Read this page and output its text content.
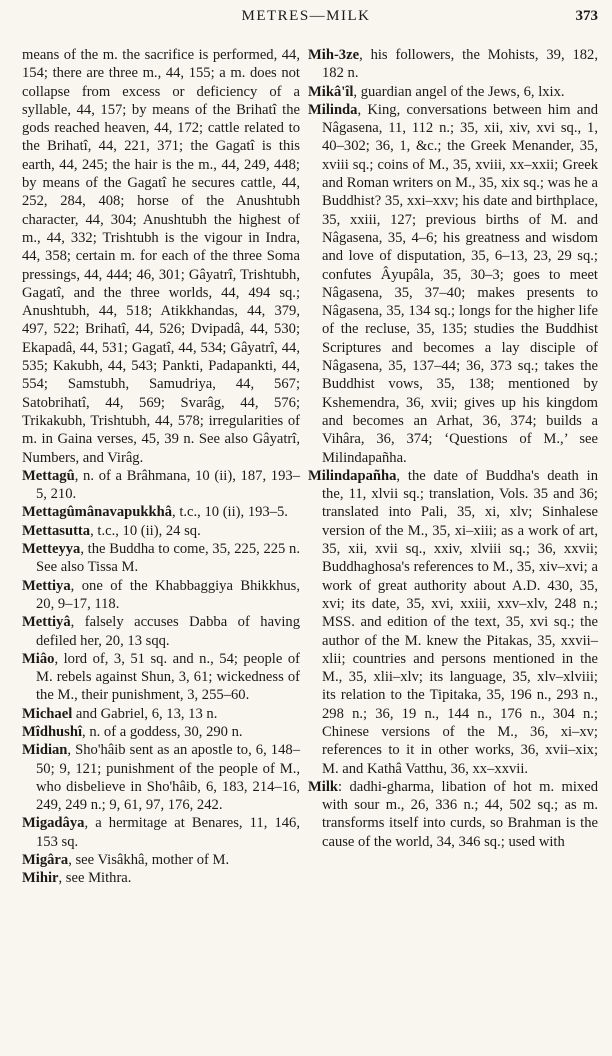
METRES—MILK	373

means of the m. the sacrifice is performed, 44, 154; there are three m., 44, 155; a m. does not collapse from excess or deficiency of a syllable, 44, 157; by means of the Brihatî the gods reached heaven, 44, 172; cattle related to the Brihatî, 44, 221, 371; the Gagatî is this earth, 44, 245; the hair is the m., 44, 249, 448; by means of the Gagatî he secures cattle, 44, 252, 284, 408; horse of the Anushtubh character, 44, 304; Anushtubh the highest of m., 44, 332; Trishtubh is the vigour in Indra, 44, 358; certain m. for each of the three Soma pressings, 44, 444; 46, 301; Gâyatrî, Trishtubh, Gagatî, and the three worlds, 44, 494 sq.; Anushtubh, 44, 518; Atikkhandas, 44, 379, 497, 522; Brihatî, 44, 526; Dvipadâ, 44, 530; Ekapadâ, 44, 531; Gagatî, 44, 534; Gâyatrî, 44, 535; Kakubh, 44, 543; Pankti, Padapankti, 44, 554; Samstubh, Samudriya, 44, 567; Satobrihatî, 44, 569; Svarâg, 44, 576; Trikakubh, Trishtubh, 44, 578; irregularities of m. in Gaina verses, 45, 39 n. See also Gâyatrî, Numbers, and Virâg.

Mettagû, n. of a Brâhmana, 10 (ii), 187, 193–5, 210.

Mettagûmânavapukkhâ, t.c., 10 (ii), 193–5.

Mettasutta, t.c., 10 (ii), 24 sq.

Metteyya, the Buddha to come, 35, 225, 225 n. See also Tissa M.

Mettiya, one of the Khabbaggiya Bhikkhus, 20, 9–17, 118.

Mettiyâ, falsely accuses Dabba of having defiled her, 20, 13 sqq.

Miâo, lord of, 3, 51 sq. and n., 54; people of M. rebels against Shun, 3, 61; wickedness of the M., their punishment, 3, 255–60.

Michael and Gabriel, 6, 13, 13 n.

Mîdhushî, n. of a goddess, 30, 290 n.

Midian, Sho'hâib sent as an apostle to, 6, 148–50; 9, 121; punishment of the people of M., who disbelieve in Sho'hâib, 6, 183, 214–16, 249, 249 n.; 9, 61, 97, 176, 242.

Migadâya, a hermitage at Benares, 11, 146, 153 sq.

Migâra, see Visâkhâ, mother of M.

Mihir, see Mithra.

Mih-3ze, his followers, the Mohists, 39, 182, 182 n.

Mikâ'îl, guardian angel of the Jews, 6, lxix.

Milinda, King, conversations between him and Nâgasena, 11, 112 n.; 35, xii, xiv, xvi sq., 1, 40–302; 36, 1, &c.; the Greek Menander, 35, xviii sq.; coins of M., 35, xviii, xx–xxii; Greek and Roman writers on M., 35, xix sq.; was he a Buddhist? 35, xxi–xxv; his date and birthplace, 35, xxiii, 127; previous births of M. and Nâgasena, 35, 4–6; his greatness and wisdom and love of disputation, 35, 6–13, 23, 29 sq.; confutes Âyupâla, 35, 30–3; goes to meet Nâgasena, 35, 37–40; makes presents to Nâgasena, 35, 134 sq.; longs for the higher life of the recluse, 35, 135; studies the Buddhist Scriptures and becomes a lay disciple of Nâgasena, 35, 137–44; 36, 373 sq.; takes the Buddhist vows, 35, 138; mentioned by Kshemendra, 36, xvii; gives up his kingdom and becomes an Arhat, 36, 374; builds a Vihâra, 36, 374; ‘Questions of M.,’ see Milindapañha.

Milindapañha, the date of Buddha's death in the, 11, xlvii sq.; translation, Vols. 35 and 36; translated into Pali, 35, xi, xlv; Sinhalese version of the M., 35, xi–xiii; as a work of art, 35, xii, xvii sq., xxiv, xlviii sq.; 36, xxvii; Buddhaghosa's references to M., 35, xiv–xvi; a work of great authority about A.D. 430, 35, xvi; its date, 35, xvi, xxiii, xxv–xlv, 248 n.; MSS. and edition of the text, 35, xvi sq.; the author of the M. knew the Pitakas, 35, xxvii–xlii; countries and persons mentioned in the M., 35, xlii–xlv; its language, 35, xlv–xlviii; its relation to the Tipitaka, 35, 196 n., 293 n., 298 n.; 36, 19 n., 144 n., 176 n., 304 n.; Chinese versions of the M., 36, xi–xv; references to it in other works, 36, xvii–xix; M. and Kathâ Vatthu, 36, xx–xxvii.

Milk: dadhi-gharma, libation of hot m. mixed with sour m., 26, 336 n.; 44, 502 sq.; as m. transforms itself into curds, so Brahman is the cause of the world, 34, 346 sq.; used with
